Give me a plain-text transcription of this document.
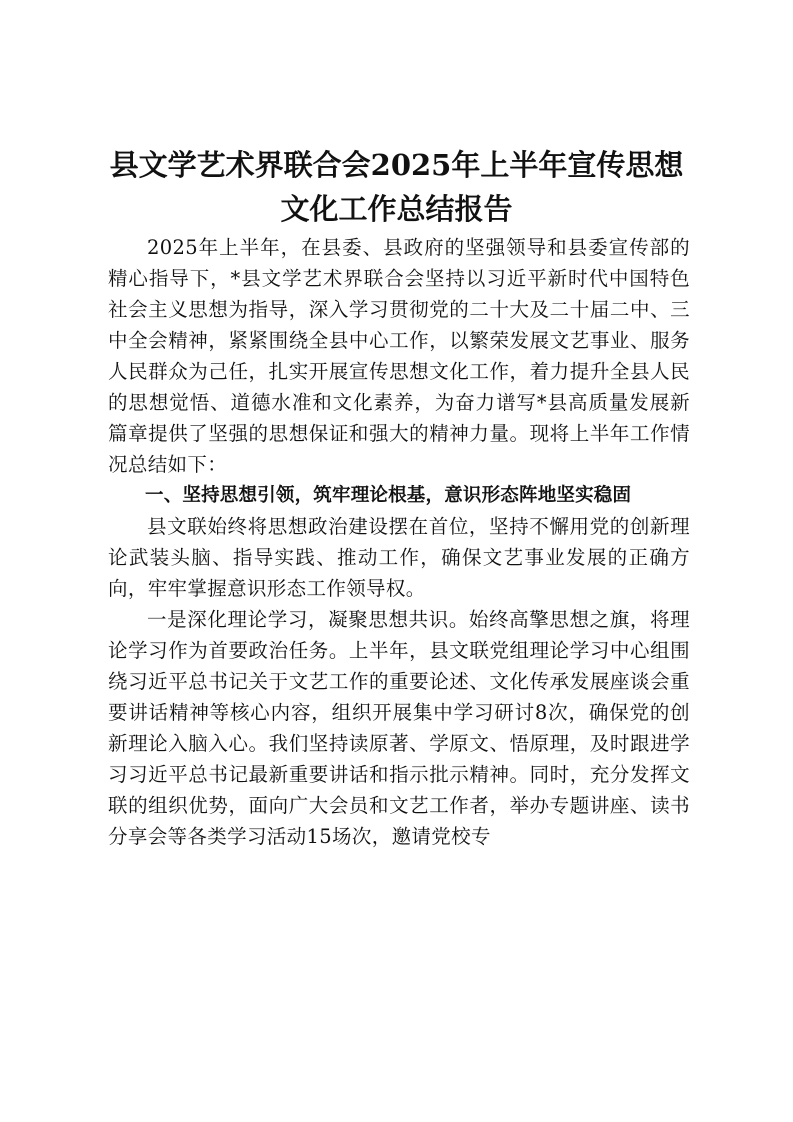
县文学艺术界联合会2025年上半年宣传思想
文化工作总结报告

2025年上半年，在县委、县政府的坚强领导和县委宣传部的精心指导下，*县文学艺术界联合会坚持以习近平新时代中国特色社会主义思想为指导，深入学习贯彻党的二十大及二十届二中、三中全会精神，紧紧围绕全县中心工作，以繁荣发展文艺事业、服务人民群众为己任，扎实开展宣传思想文化工作，着力提升全县人民的思想觉悟、道德水准和文化素养，为奋力谱写*县高质量发展新篇章提供了坚强的思想保证和强大的精神力量。现将上半年工作情况总结如下：

一、坚持思想引领，筑牢理论根基，意识形态阵地坚实稳固

县文联始终将思想政治建设摆在首位，坚持不懈用党的创新理论武装头脑、指导实践、推动工作，确保文艺事业发展的正确方向，牢牢掌握意识形态工作领导权。

一是深化理论学习，凝聚思想共识。始终高擎思想之旗，将理论学习作为首要政治任务。上半年，县文联党组理论学习中心组围绕习近平总书记关于文艺工作的重要论述、文化传承发展座谈会重要讲话精神等核心内容，组织开展集中学习研讨8次，确保党的创新理论入脑入心。我们坚持读原著、学原文、悟原理，及时跟进学习习近平总书记最新重要讲话和指示批示精神。同时，充分发挥文联的组织优势，面向广大会员和文艺工作者，举办专题讲座、读书分享会等各类学习活动15场次，邀请党校专
